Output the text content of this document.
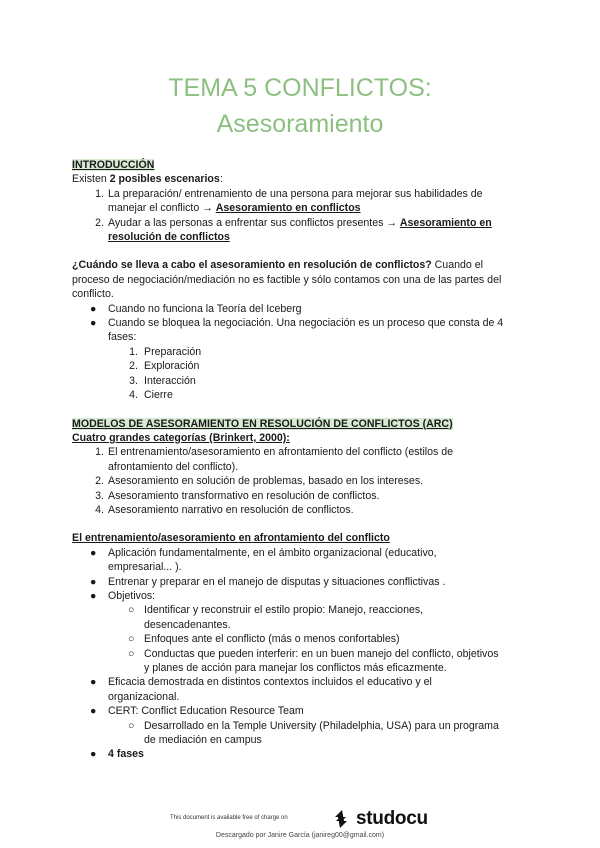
TEMA 5 CONFLICTOS:
Asesoramiento
INTRODUCCIÓN
Existen 2 posibles escenarios:
1. La preparación/ entrenamiento de una persona para mejorar sus habilidades de
manejar el conflicto → Asesoramiento en conflictos
2. Ayudar a las personas a enfrentar sus conflictos presentes → Asesoramiento en
resolución de conflictos
¿Cuándo se lleva a cabo el asesoramiento en resolución de conflictos? Cuando el
proceso de negociación/mediación no es factible y sólo contamos con una de las partes del
conflicto.
● Cuando no funciona la Teoría del Iceberg
● Cuando se bloquea la negociación. Una negociación es un proceso que consta de 4
fases:
1. Preparación
2. Exploración
3. Interacción
4. Cierre
MODELOS DE ASESORAMIENTO EN RESOLUCIÓN DE CONFLICTOS (ARC)
Cuatro grandes categorías (Brinkert, 2000):
1. El entrenamiento/asesoramiento en afrontamiento del conflicto (estilos de
afrontamiento del conflicto).
2. Asesoramiento en solución de problemas, basado en los intereses.
3. Asesoramiento transformativo en resolución de conflictos.
4. Asesoramiento narrativo en resolución de conflictos.
El entrenamiento/asesoramiento en afrontamiento del conflicto
● Aplicación fundamentalmente, en el ámbito organizacional (educativo,
empresarial... ).
● Entrenar y preparar en el manejo de disputas y situaciones conflictivas .
● Objetivos:
○ Identificar y reconstruir el estilo propio: Manejo, reacciones,
desencadenantes.
○ Enfoques ante el conflicto (más o menos confortables)
○ Conductas que pueden interferir: en un buen manejo del conflicto, objetivos
y planes de acción para manejar los conflictos más eficazmente.
● Eficacia demostrada en distintos contextos incluidos el educativo y el
organizacional.
● CERT: Conflict Education Resource Team
○ Desarrollado en la Temple University (Philadelphia, USA) para un programa
de mediación en campus
● 4 fases
This document is available free of charge on	studocu
Descargado por Janire García (janireg00@gmail.com)
